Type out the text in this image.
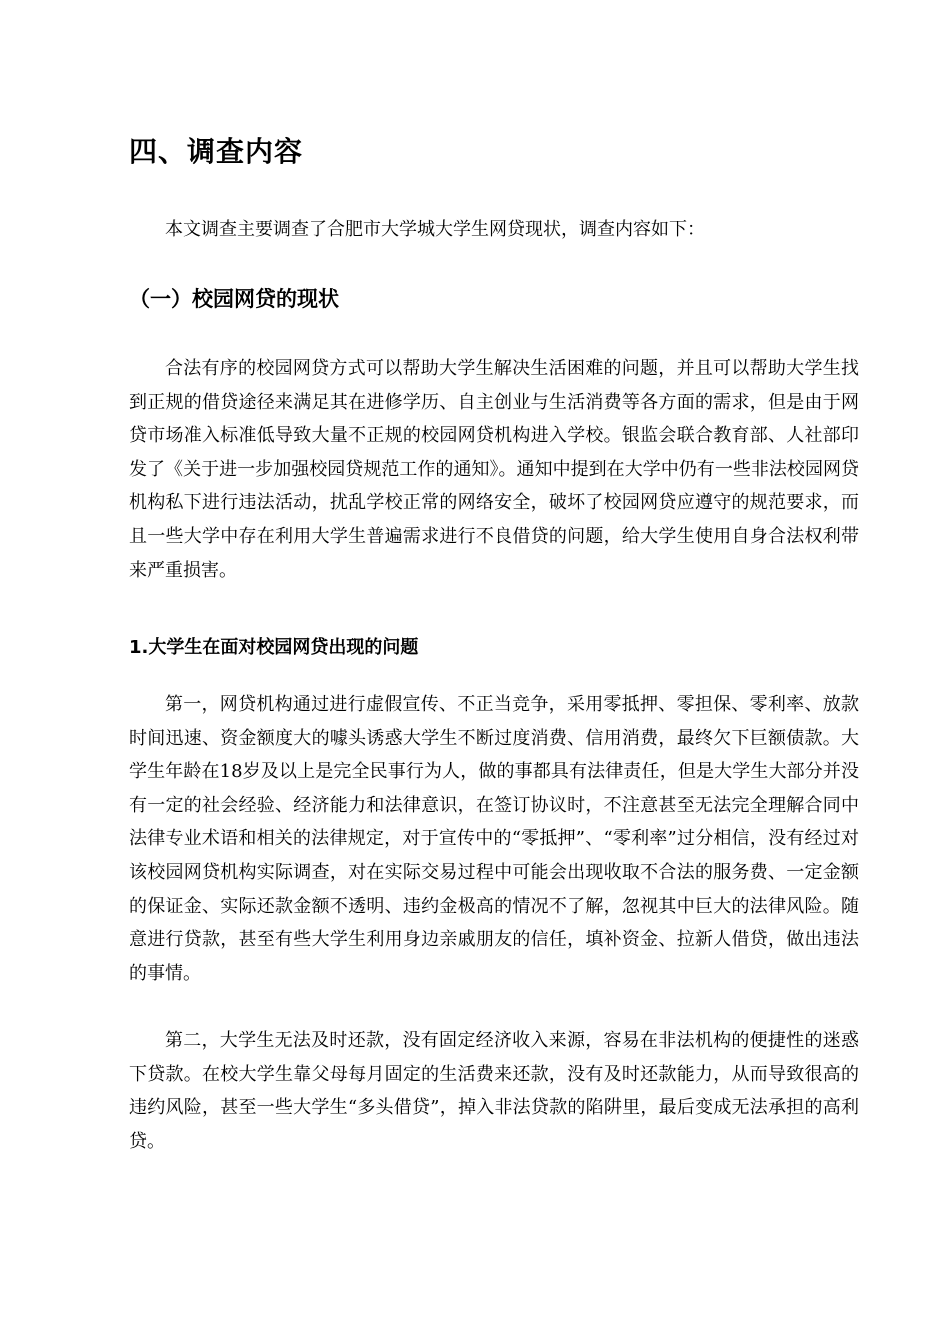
四、调查内容

本文调查主要调查了合肥市大学城大学生网贷现状，调查内容如下：

（一）校园网贷的现状

合法有序的校园网贷方式可以帮助大学生解决生活困难的问题，并且可以帮助大学生找到正规的借贷途径来满足其在进修学历、自主创业与生活消费等各方面的需求，但是由于网贷市场准入标准低导致大量不正规的校园网贷机构进入学校。银监会联合教育部、人社部印发了《关于进一步加强校园贷规范工作的通知》。通知中提到在大学中仍有一些非法校园网贷机构私下进行违法活动，扰乱学校正常的网络安全，破坏了校园网贷应遵守的规范要求，而且一些大学中存在利用大学生普遍需求进行不良借贷的问题，给大学生使用自身合法权利带来严重损害。

1.大学生在面对校园网贷出现的问题

第一，网贷机构通过进行虚假宣传、不正当竞争，采用零抵押、零担保、零利率、放款时间迅速、资金额度大的噱头诱惑大学生不断过度消费、信用消费，最终欠下巨额债款。大学生年龄在18岁及以上是完全民事行为人，做的事都具有法律责任，但是大学生大部分并没有一定的社会经验、经济能力和法律意识，在签订协议时，不注意甚至无法完全理解合同中法律专业术语和相关的法律规定，对于宣传中的“零抵押”、“零利率”过分相信，没有经过对该校园网贷机构实际调查，对在实际交易过程中可能会出现收取不合法的服务费、一定金额的保证金、实际还款金额不透明、违约金极高的情况不了解，忽视其中巨大的法律风险。随意进行贷款，甚至有些大学生利用身边亲戚朋友的信任，填补资金、拉新人借贷，做出违法的事情。

第二，大学生无法及时还款，没有固定经济收入来源，容易在非法机构的便捷性的迷惑下贷款。在校大学生靠父母每月固定的生活费来还款，没有及时还款能力，从而导致很高的违约风险，甚至一些大学生“多头借贷”，掉入非法贷款的陷阱里，最后变成无法承担的高利贷。
